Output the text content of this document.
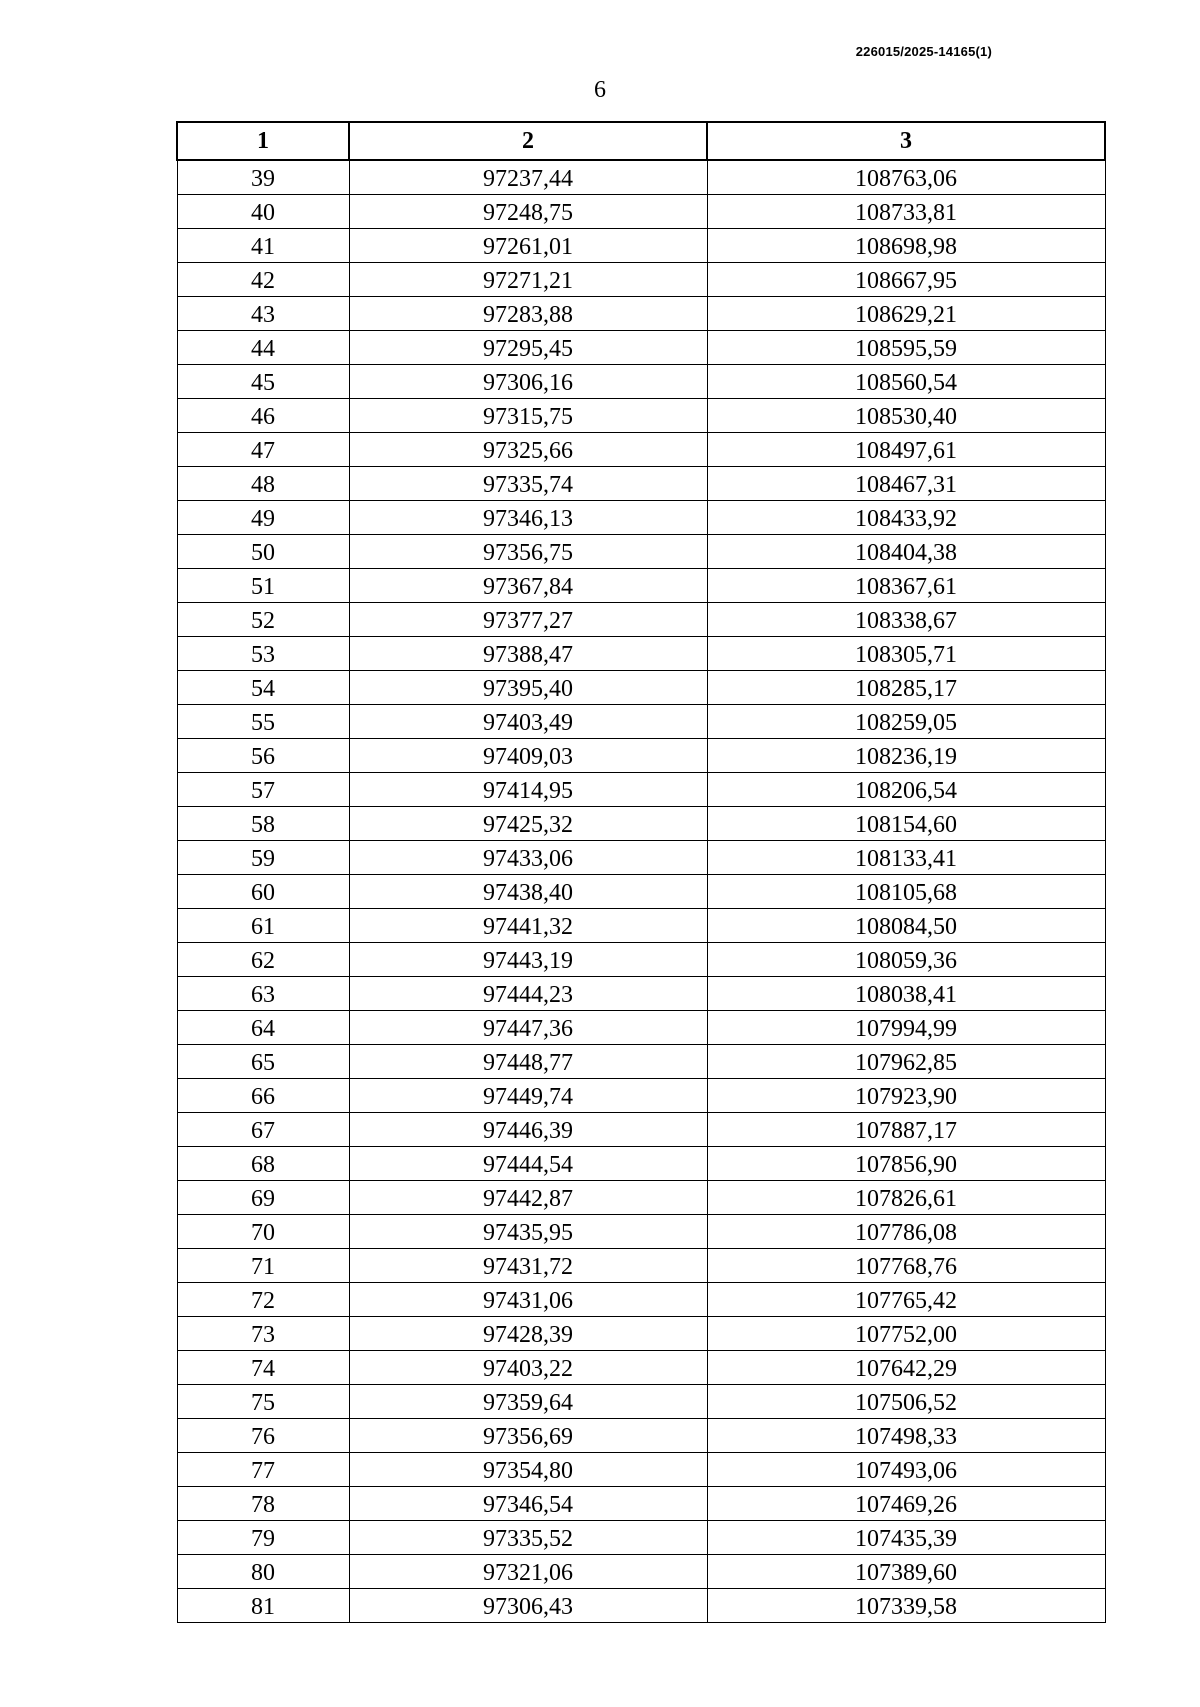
226015/2025-14165(1)
6
1	2	3
39	97237,44	108763,06
40	97248,75	108733,81
41	97261,01	108698,98
42	97271,21	108667,95
43	97283,88	108629,21
44	97295,45	108595,59
45	97306,16	108560,54
46	97315,75	108530,40
47	97325,66	108497,61
48	97335,74	108467,31
49	97346,13	108433,92
50	97356,75	108404,38
51	97367,84	108367,61
52	97377,27	108338,67
53	97388,47	108305,71
54	97395,40	108285,17
55	97403,49	108259,05
56	97409,03	108236,19
57	97414,95	108206,54
58	97425,32	108154,60
59	97433,06	108133,41
60	97438,40	108105,68
61	97441,32	108084,50
62	97443,19	108059,36
63	97444,23	108038,41
64	97447,36	107994,99
65	97448,77	107962,85
66	97449,74	107923,90
67	97446,39	107887,17
68	97444,54	107856,90
69	97442,87	107826,61
70	97435,95	107786,08
71	97431,72	107768,76
72	97431,06	107765,42
73	97428,39	107752,00
74	97403,22	107642,29
75	97359,64	107506,52
76	97356,69	107498,33
77	97354,80	107493,06
78	97346,54	107469,26
79	97335,52	107435,39
80	97321,06	107389,60
81	97306,43	107339,58
